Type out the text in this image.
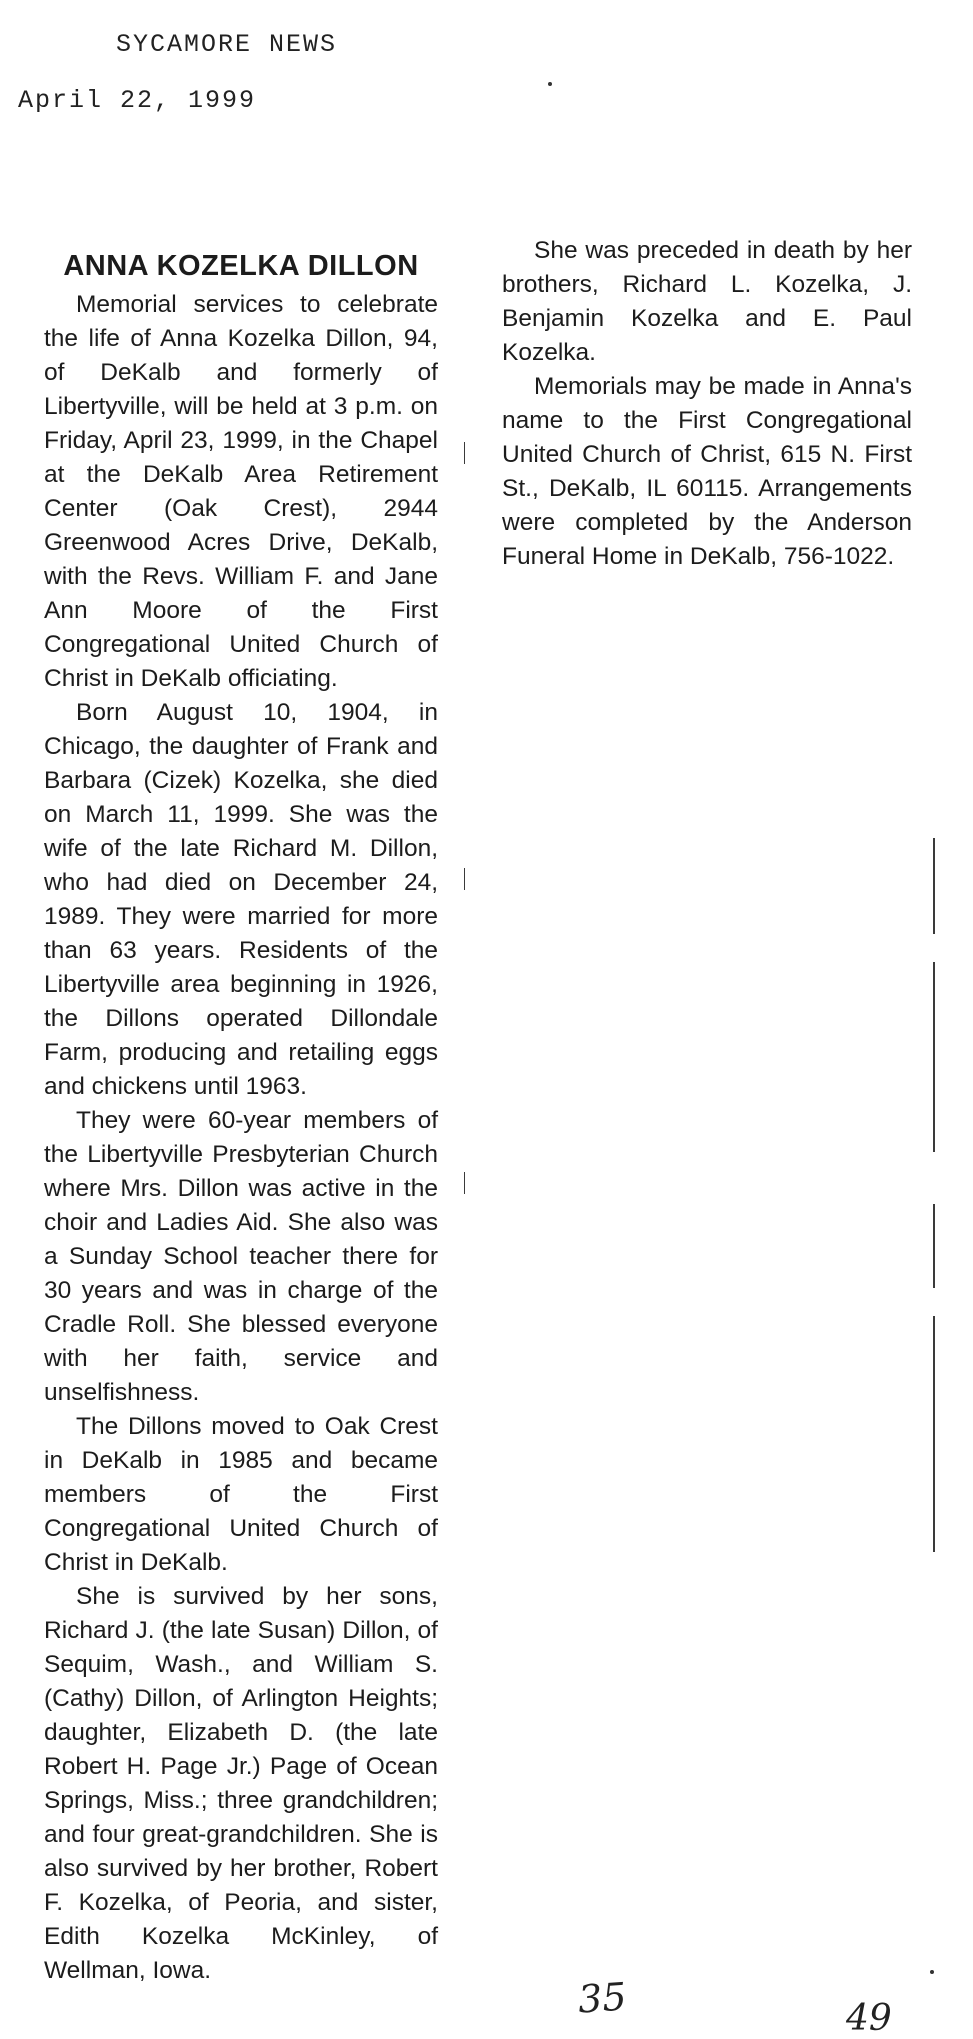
SYCAMORE NEWS
April 22, 1999
ANNA KOZELKA DILLON

Memorial services to celebrate the life of Anna Kozelka Dillon, 94, of DeKalb and formerly of Libertyville, will be held at 3 p.m. on Friday, April 23, 1999, in the Chapel at the DeKalb Area Retirement Center (Oak Crest), 2944 Greenwood Acres Drive, DeKalb, with the Revs. William F. and Jane Ann Moore of the First Congregational United Church of Christ in DeKalb officiating.

Born August 10, 1904, in Chicago, the daughter of Frank and Barbara (Cizek) Kozelka, she died on March 11, 1999. She was the wife of the late Richard M. Dillon, who had died on December 24, 1989. They were married for more than 63 years. Residents of the Libertyville area beginning in 1926, the Dillons operated Dillondale Farm, producing and retailing eggs and chickens until 1963.

They were 60-year members of the Libertyville Presbyterian Church where Mrs. Dillon was active in the choir and Ladies Aid. She also was a Sunday School teacher there for 30 years and was in charge of the Cradle Roll. She blessed everyone with her faith, service and unselfishness.

The Dillons moved to Oak Crest in DeKalb in 1985 and became members of the First Congregational United Church of Christ in DeKalb.

She is survived by her sons, Richard J. (the late Susan) Dillon, of Sequim, Wash., and William S. (Cathy) Dillon, of Arlington Heights; daughter, Elizabeth D. (the late Robert H. Page Jr.) Page of Ocean Springs, Miss.; three grandchildren; and four great-grandchildren. She is also survived by her brother, Robert F. Kozelka, of Peoria, and sister, Edith Kozelka McKinley, of Wellman, Iowa.

She was preceded in death by her brothers, Richard L. Kozelka, J. Benjamin Kozelka and E. Paul Kozelka.

Memorials may be made in Anna's name to the First Congregational United Church of Christ, 615 N. First St., DeKalb, IL 60115. Arrangements were completed by the Anderson Funeral Home in DeKalb, 756-1022.

35	49
